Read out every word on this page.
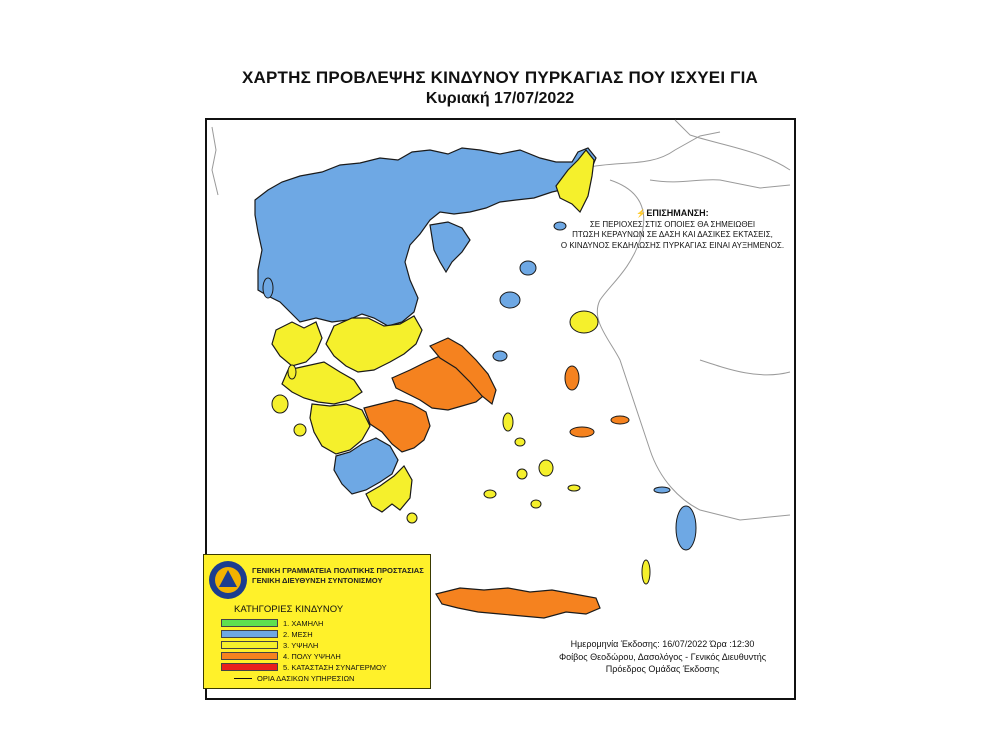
ΧΑΡΤΗΣ ΠΡΟΒΛΕΨΗΣ ΚΙΝΔΥΝΟΥ ΠΥΡΚΑΓΙΑΣ ΠΟΥ ΙΣΧΥΕΙ ΓΙΑ
Κυριακή 17/07/2022
⚡ΕΠΙΣΗΜΑΝΣΗ:
ΣΕ ΠΕΡΙΟΧΕΣ ΣΤΙΣ ΟΠΟΙΕΣ ΘΑ ΣΗΜΕΙΩΘΕΙ
ΠΤΩΣΗ ΚΕΡΑΥΝΩΝ ΣΕ ΔΑΣΗ ΚΑΙ ΔΑΣΙΚΕΣ ΕΚΤΑΣΕΙΣ,
Ο ΚΙΝΔΥΝΟΣ ΕΚΔΗΛΩΣΗΣ ΠΥΡΚΑΓΙΑΣ ΕΙΝΑΙ ΑΥΞΗΜΕΝΟΣ.
ΓΕΝΙΚΗ ΓΡΑΜΜΑΤΕΙΑ ΠΟΛΙΤΙΚΗΣ ΠΡΟΣΤΑΣΙΑΣ
ΓΕΝΙΚΗ ΔΙΕΥΘΥΝΣΗ ΣΥΝΤΟΝΙΣΜΟΥ
ΚΑΤΗΓΟΡΙΕΣ ΚΙΝΔΥΝΟΥ
1. ΧΑΜΗΛΗ
2. ΜΕΣΗ
3. ΥΨΗΛΗ
4. ΠΟΛΥ ΥΨΗΛΗ
5. ΚΑΤΑΣΤΑΣΗ ΣΥΝΑΓΕΡΜΟΥ
ΟΡΙΑ ΔΑΣΙΚΩΝ ΥΠΗΡΕΣΙΩΝ
Ημερομηνία Έκδοσης: 16/07/2022 Ώρα :12:30
Φοίβος Θεοδώρου, Δασολόγος - Γενικός Διευθυντής
Πρόεδρος Ομάδας Έκδοσης
